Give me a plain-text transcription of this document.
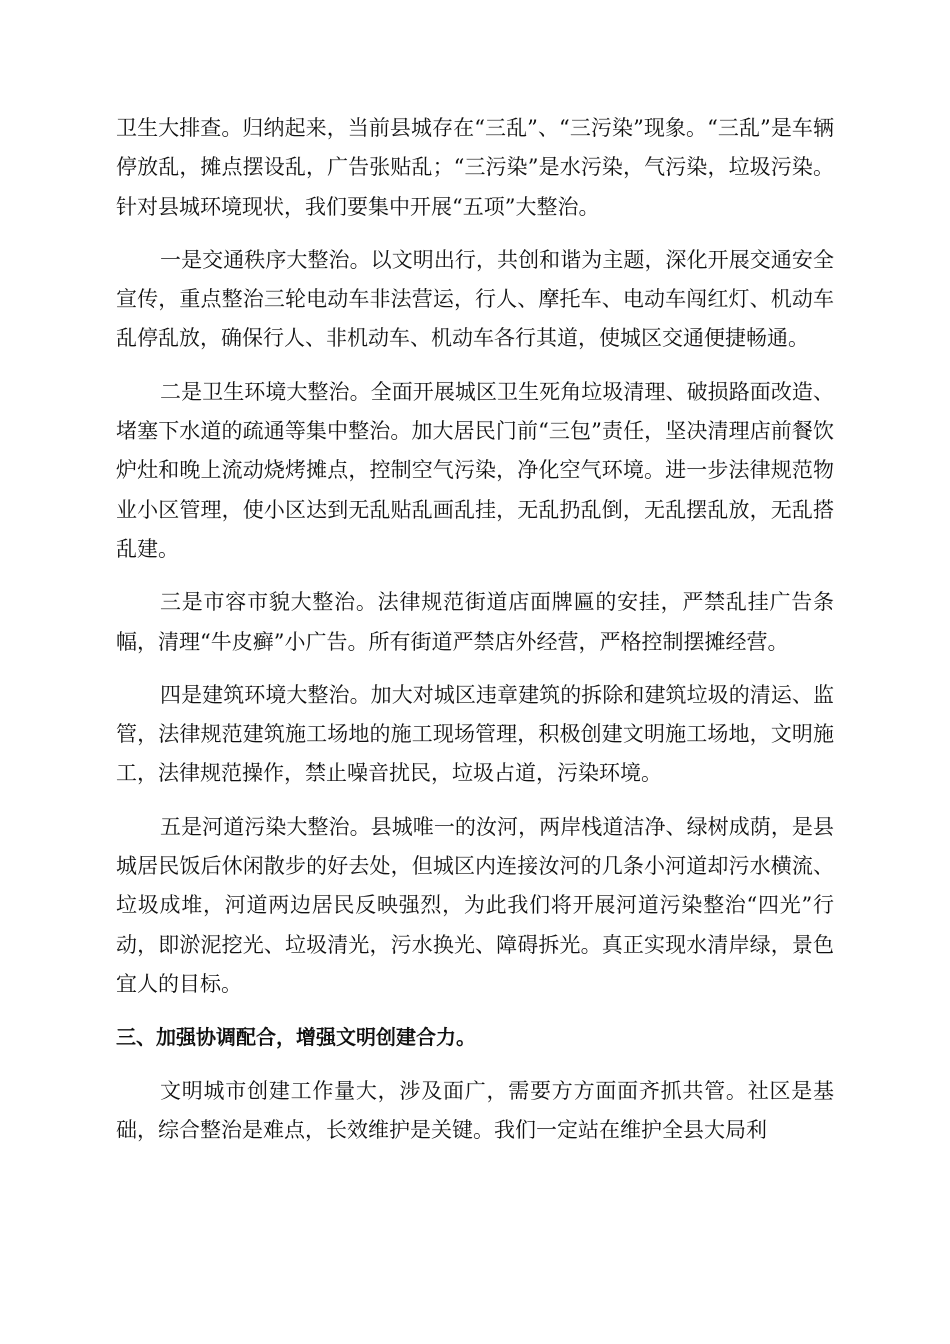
卫生大排查。归纳起来，当前县城存在“三乱”、“三污染”现象。“三乱”是车辆停放乱，摊点摆设乱，广告张贴乱；“三污染”是水污染，气污染，垃圾污染。针对县城环境现状，我们要集中开展“五项”大整治。

一是交通秩序大整治。以文明出行，共创和谐为主题，深化开展交通安全宣传，重点整治三轮电动车非法营运，行人、摩托车、电动车闯红灯、机动车乱停乱放，确保行人、非机动车、机动车各行其道，使城区交通便捷畅通。

二是卫生环境大整治。全面开展城区卫生死角垃圾清理、破损路面改造、堵塞下水道的疏通等集中整治。加大居民门前“三包”责任，坚决清理店前餐饮炉灶和晚上流动烧烤摊点，控制空气污染，净化空气环境。进一步法律规范物业小区管理，使小区达到无乱贴乱画乱挂，无乱扔乱倒，无乱摆乱放，无乱搭乱建。

三是市容市貌大整治。法律规范街道店面牌匾的安挂，严禁乱挂广告条幅，清理“牛皮癣”小广告。所有街道严禁店外经营，严格控制摆摊经营。

四是建筑环境大整治。加大对城区违章建筑的拆除和建筑垃圾的清运、监管，法律规范建筑施工场地的施工现场管理，积极创建文明施工场地，文明施工，法律规范操作，禁止噪音扰民，垃圾占道，污染环境。

五是河道污染大整治。县城唯一的汝河，两岸栈道洁净、绿树成荫，是县城居民饭后休闲散步的好去处，但城区内连接汝河的几条小河道却污水横流、垃圾成堆，河道两边居民反映强烈，为此我们将开展河道污染整治“四光”行动，即淤泥挖光、垃圾清光，污水换光、障碍拆光。真正实现水清岸绿，景色宜人的目标。

三、加强协调配合，增强文明创建合力。

文明城市创建工作量大，涉及面广，需要方方面面齐抓共管。社区是基础，综合整治是难点，长效维护是关键。我们一定站在维护全县大局利
